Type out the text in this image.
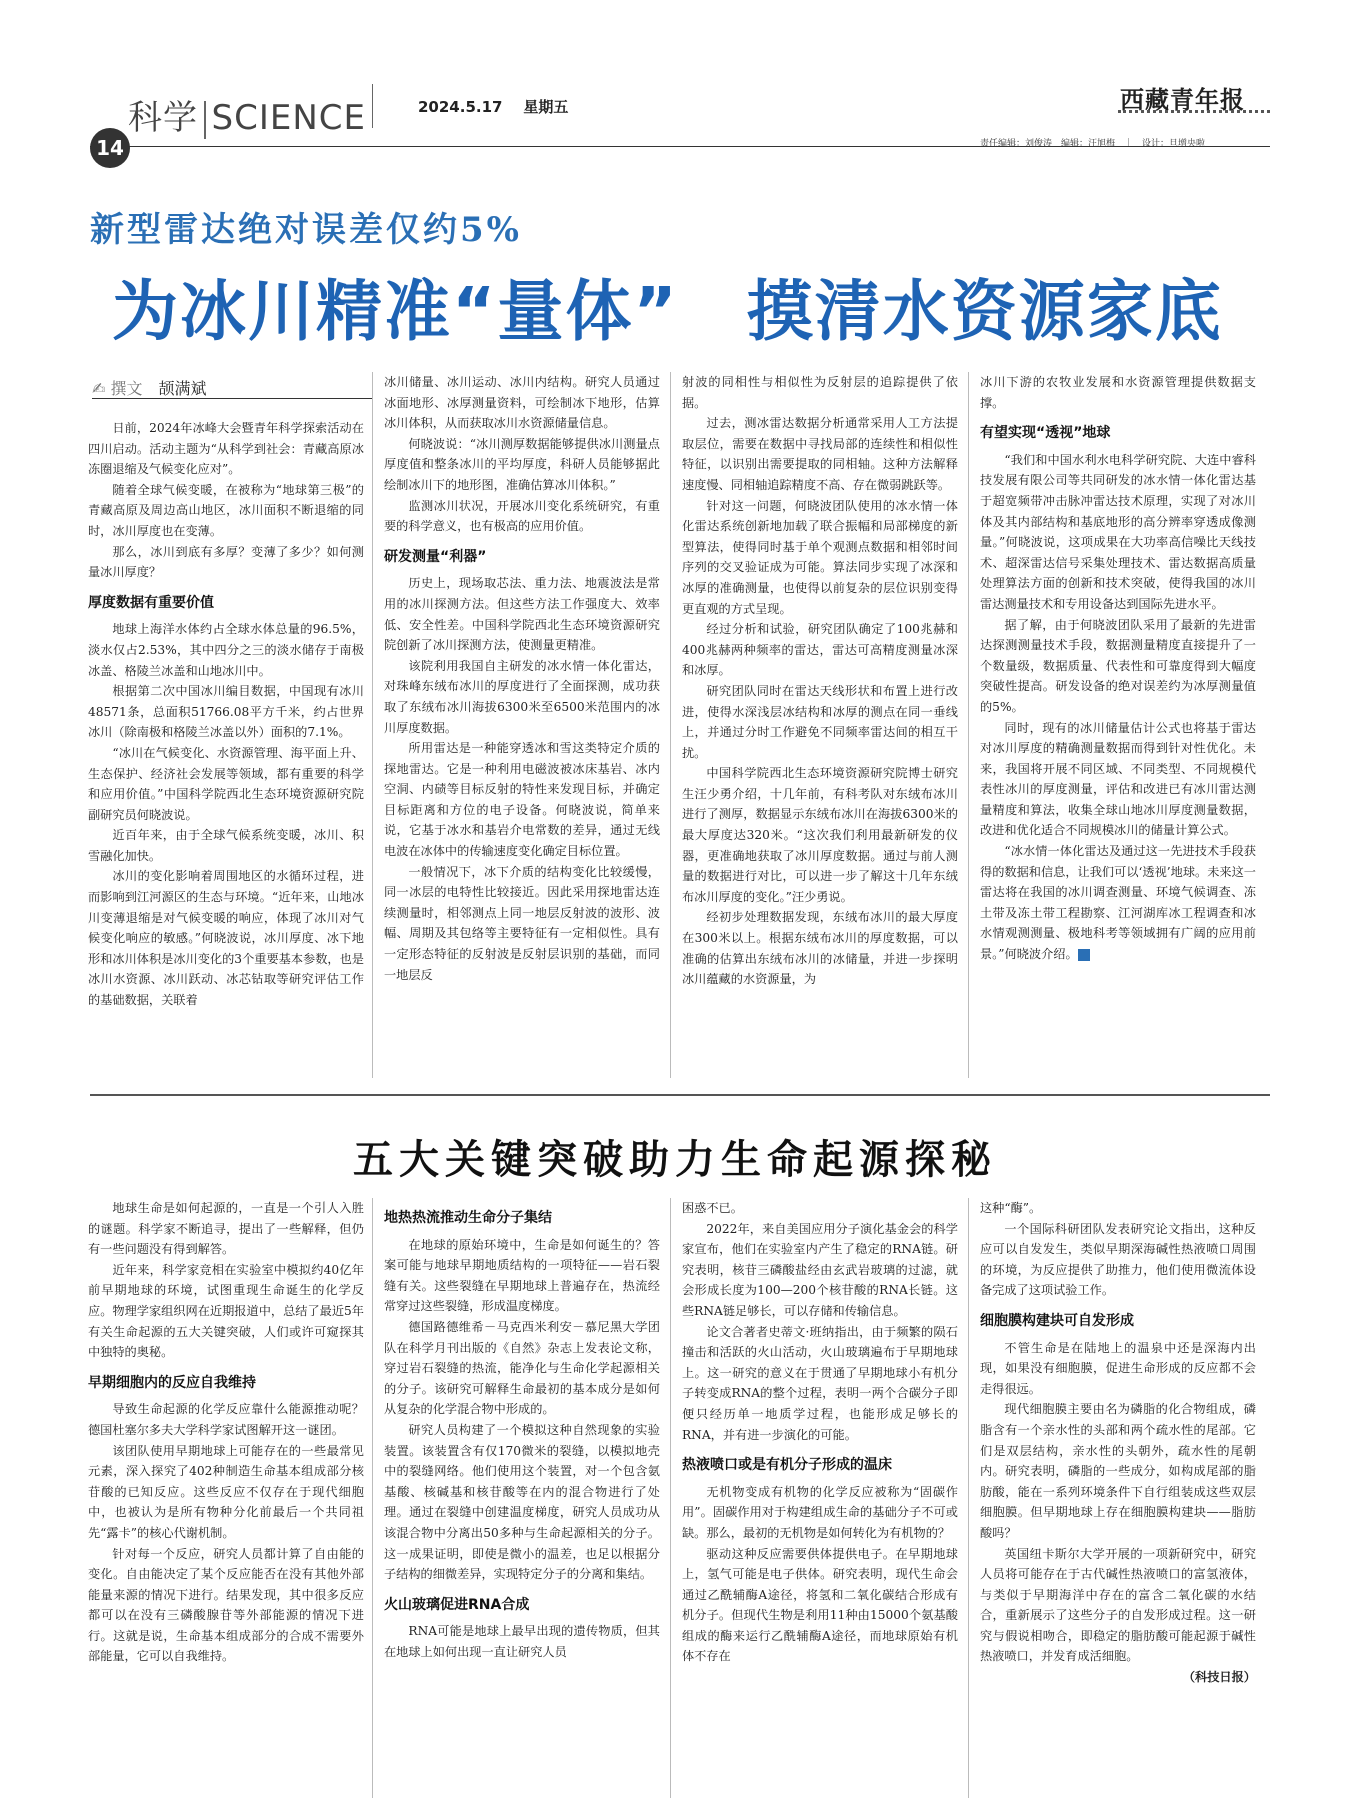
科学 SCIENCE	2024.5.17 星期五	西藏青年报
14	责任编辑：刘俊涛　编辑：汪旭梅　｜　设计：旦增央啦
新型雷达绝对误差仅约5%
为冰川精准“量体”　摸清水资源家底
✍ 撰文　 颉满斌

日前，2024年冰峰大会暨青年科学探索活动在四川启动。活动主题为“从科学到社会：青藏高原冰冻圈退缩及气候变化应对”。

随着全球气候变暖，在被称为“地球第三极”的青藏高原及周边高山地区，冰川面积不断退缩的同时，冰川厚度也在变薄。

那么，冰川到底有多厚？变薄了多少？如何测量冰川厚度？

厚度数据有重要价值

地球上海洋水体约占全球水体总量的96.5%，淡水仅占2.53%，其中四分之三的淡水储存于南极冰盖、格陵兰冰盖和山地冰川中。

根据第二次中国冰川编目数据，中国现有冰川48571条，总面积51766.08平方千米，约占世界冰川（除南极和格陵兰冰盖以外）面积的7.1%。

“冰川在气候变化、水资源管理、海平面上升、生态保护、经济社会发展等领域，都有重要的科学和应用价值。”中国科学院西北生态环境资源研究院副研究员何晓波说。

近百年来，由于全球气候系统变暖，冰川、积雪融化加快。

冰川的变化影响着周围地区的水循环过程，进而影响到江河源区的生态与环境。“近年来，山地冰川变薄退缩是对气候变暖的响应，体现了冰川对气候变化响应的敏感。”何晓波说，冰川厚度、冰下地形和冰川体积是冰川变化的3个重要基本参数，也是冰川水资源、冰川跃动、冰芯钻取等研究评估工作的基础数据，关联着

冰川储量、冰川运动、冰川内结构。研究人员通过冰面地形、冰厚测量资料，可绘制冰下地形，估算冰川体积，从而获取冰川水资源储量信息。

何晓波说：“冰川测厚数据能够提供冰川测量点厚度值和整条冰川的平均厚度，科研人员能够据此绘制冰川下的地形图，准确估算冰川体积。”

监测冰川状况，开展冰川变化系统研究，有重要的科学意义，也有极高的应用价值。

研发测量“利器”

历史上，现场取芯法、重力法、地震波法是常用的冰川探测方法。但这些方法工作强度大、效率低、安全性差。中国科学院西北生态环境资源研究院创新了冰川探测方法，使测量更精准。

该院利用我国自主研发的冰水情一体化雷达，对珠峰东绒布冰川的厚度进行了全面探测，成功获取了东绒布冰川海拔6300米至6500米范围内的冰川厚度数据。

所用雷达是一种能穿透冰和雪这类特定介质的探地雷达。它是一种利用电磁波被冰床基岩、冰内空洞、内碛等目标反射的特性来发现目标，并确定目标距离和方位的电子设备。何晓波说，简单来说，它基于冰水和基岩介电常数的差异，通过无线电波在冰体中的传输速度变化确定目标位置。

一般情况下，冰下介质的结构变化比较缓慢，同一冰层的电特性比较接近。因此采用探地雷达连续测量时，相邻测点上同一地层反射波的波形、波幅、周期及其包络等主要特征有一定相似性。具有一定形态特征的反射波是反射层识别的基础，而同一地层反

射波的同相性与相似性为反射层的追踪提供了依据。

过去，测冰雷达数据分析通常采用人工方法提取层位，需要在数据中寻找局部的连续性和相似性特征，以识别出需要提取的同相轴。这种方法解释速度慢、同相轴追踪精度不高、存在微弱跳跃等。

针对这一问题，何晓波团队使用的冰水情一体化雷达系统创新地加载了联合振幅和局部梯度的新型算法，使得同时基于单个观测点数据和相邻时间序列的交叉验证成为可能。算法同步实现了冰深和冰厚的准确测量，也使得以前复杂的层位识别变得更直观的方式呈现。

经过分析和试验，研究团队确定了100兆赫和400兆赫两种频率的雷达，雷达可高精度测量冰深和冰厚。

研究团队同时在雷达天线形状和布置上进行改进，使得水深浅层冰结构和冰厚的测点在同一垂线上，并通过分时工作避免不同频率雷达间的相互干扰。

中国科学院西北生态环境资源研究院博士研究生汪少勇介绍，十几年前，有科考队对东绒布冰川进行了测厚，数据显示东绒布冰川在海拔6300米的最大厚度达320米。“这次我们利用最新研发的仪器，更准确地获取了冰川厚度数据。通过与前人测量的数据进行对比，可以进一步了解这十几年东绒布冰川厚度的变化。”汪少勇说。

经初步处理数据发现，东绒布冰川的最大厚度在300米以上。根据东绒布冰川的厚度数据，可以准确的估算出东绒布冰川的冰储量，并进一步探明冰川蕴藏的水资源量，为

冰川下游的农牧业发展和水资源管理提供数据支撑。

有望实现“透视”地球

“我们和中国水利水电科学研究院、大连中睿科技发展有限公司等共同研发的冰水情一体化雷达基于超宽频带冲击脉冲雷达技术原理，实现了对冰川体及其内部结构和基底地形的高分辨率穿透成像测量。”何晓波说，这项成果在大功率高信噪比天线技术、超深雷达信号采集处理技术、雷达数据高质量处理算法方面的创新和技术突破，使得我国的冰川雷达测量技术和专用设备达到国际先进水平。

据了解，由于何晓波团队采用了最新的先进雷达探测测量技术手段，数据测量精度直接提升了一个数量级，数据质量、代表性和可靠度得到大幅度突破性提高。研发设备的绝对误差约为冰厚测量值的5%。

同时，现有的冰川储量估计公式也将基于雷达对冰川厚度的精确测量数据而得到针对性优化。未来，我国将开展不同区域、不同类型、不同规模代表性冰川的厚度测量，评估和改进已有冰川雷达测量精度和算法，收集全球山地冰川厚度测量数据，改进和优化适合不同规模冰川的储量计算公式。

“冰水情一体化雷达及通过这一先进技术手段获得的数据和信息，让我们可以‘透视’地球。未来这一雷达将在我国的冰川调查测量、环境气候调查、冻土带及冻土带工程勘察、江河湖库冰工程调查和冰水情观测测量、极地科考等领域拥有广阔的应用前景。”何晓波介绍。

五大关键突破助力生命起源探秘

地球生命是如何起源的，一直是一个引人入胜的谜题。科学家不断追寻，提出了一些解释，但仍有一些问题没有得到解答。

近年来，科学家竞相在实验室中模拟约40亿年前早期地球的环境，试图重现生命诞生的化学反应。物理学家组织网在近期报道中，总结了最近5年有关生命起源的五大关键突破，人们或许可窥探其中独特的奥秘。

早期细胞内的反应自我维持

导致生命起源的化学反应靠什么能源推动呢？德国杜塞尔多夫大学科学家试图解开这一谜团。

该团队使用早期地球上可能存在的一些最常见元素，深入探究了402种制造生命基本组成部分核苷酸的已知反应。这些反应不仅存在于现代细胞中，也被认为是所有物种分化前最后一个共同祖先“露卡”的核心代谢机制。

针对每一个反应，研究人员都计算了自由能的变化。自由能决定了某个反应能否在没有其他外部能量来源的情况下进行。结果发现，其中很多反应都可以在没有三磷酸腺苷等外部能源的情况下进行。这就是说，生命基本组成部分的合成不需要外部能量，它可以自我维持。

地热热流推动生命分子集结

在地球的原始环境中，生命是如何诞生的？答案可能与地球早期地质结构的一项特征——岩石裂缝有关。这些裂缝在早期地球上普遍存在，热流经常穿过这些裂缝，形成温度梯度。

德国路德维希－马克西米利安－慕尼黑大学团队在科学月刊出版的《自然》杂志上发表论文称，穿过岩石裂缝的热流，能净化与生命化学起源相关的分子。该研究可解释生命最初的基本成分是如何从复杂的化学混合物中形成的。

研究人员构建了一个模拟这种自然现象的实验装置。该装置含有仅170微米的裂缝，以模拟地壳中的裂缝网络。他们使用这个装置，对一个包含氨基酸、核碱基和核苷酸等在内的混合物进行了处理。通过在裂缝中创建温度梯度，研究人员成功从该混合物中分离出50多种与生命起源相关的分子。这一成果证明，即使是微小的温差，也足以根据分子结构的细微差异，实现特定分子的分离和集结。

火山玻璃促进RNA合成

RNA可能是地球上最早出现的遗传物质，但其在地球上如何出现一直让研究人员

困惑不已。

2022年，来自美国应用分子演化基金会的科学家宣布，他们在实验室内产生了稳定的RNA链。研究表明，核苷三磷酸盐经由玄武岩玻璃的过滤，就会形成长度为100—200个核苷酸的RNA长链。这些RNA链足够长，可以存储和传输信息。

论文合著者史蒂文·班纳指出，由于频繁的陨石撞击和活跃的火山活动，火山玻璃遍布于早期地球上。这一研究的意义在于贯通了早期地球小有机分子转变成RNA的整个过程，表明一两个合碳分子即便只经历单一地质学过程，也能形成足够长的RNA，并有进一步演化的可能。

热液喷口或是有机分子形成的温床

无机物变成有机物的化学反应被称为“固碳作用”。固碳作用对于构建组成生命的基础分子不可或缺。那么，最初的无机物是如何转化为有机物的？

驱动这种反应需要供体提供电子。在早期地球上，氢气可能是电子供体。研究表明，现代生命会通过乙酰辅酶A途径，将氢和二氧化碳结合形成有机分子。但现代生物是利用11种由15000个氨基酸组成的酶来运行乙酰辅酶A途径，而地球原始有机体不存在

这种“酶”。

一个国际科研团队发表研究论文指出，这种反应可以自发发生，类似早期深海碱性热液喷口周围的环境，为反应提供了助推力，他们使用微流体设备完成了这项试验工作。

细胞膜构建块可自发形成

不管生命是在陆地上的温泉中还是深海内出现，如果没有细胞膜，促进生命形成的反应都不会走得很远。

现代细胞膜主要由名为磷脂的化合物组成，磷脂含有一个亲水性的头部和两个疏水性的尾部。它们是双层结构，亲水性的头朝外，疏水性的尾朝内。研究表明，磷脂的一些成分，如构成尾部的脂肪酸，能在一系列环境条件下自行组装成这些双层细胞膜。但早期地球上存在细胞膜构建块——脂肪酸吗？

英国纽卡斯尔大学开展的一项新研究中，研究人员将可能存在于古代碱性热液喷口的富氢液体，与类似于早期海洋中存在的富含二氧化碳的水结合，重新展示了这些分子的自发形成过程。这一研究与假说相吻合，即稳定的脂肪酸可能起源于碱性热液喷口，并发育成活细胞。

（科技日报）
